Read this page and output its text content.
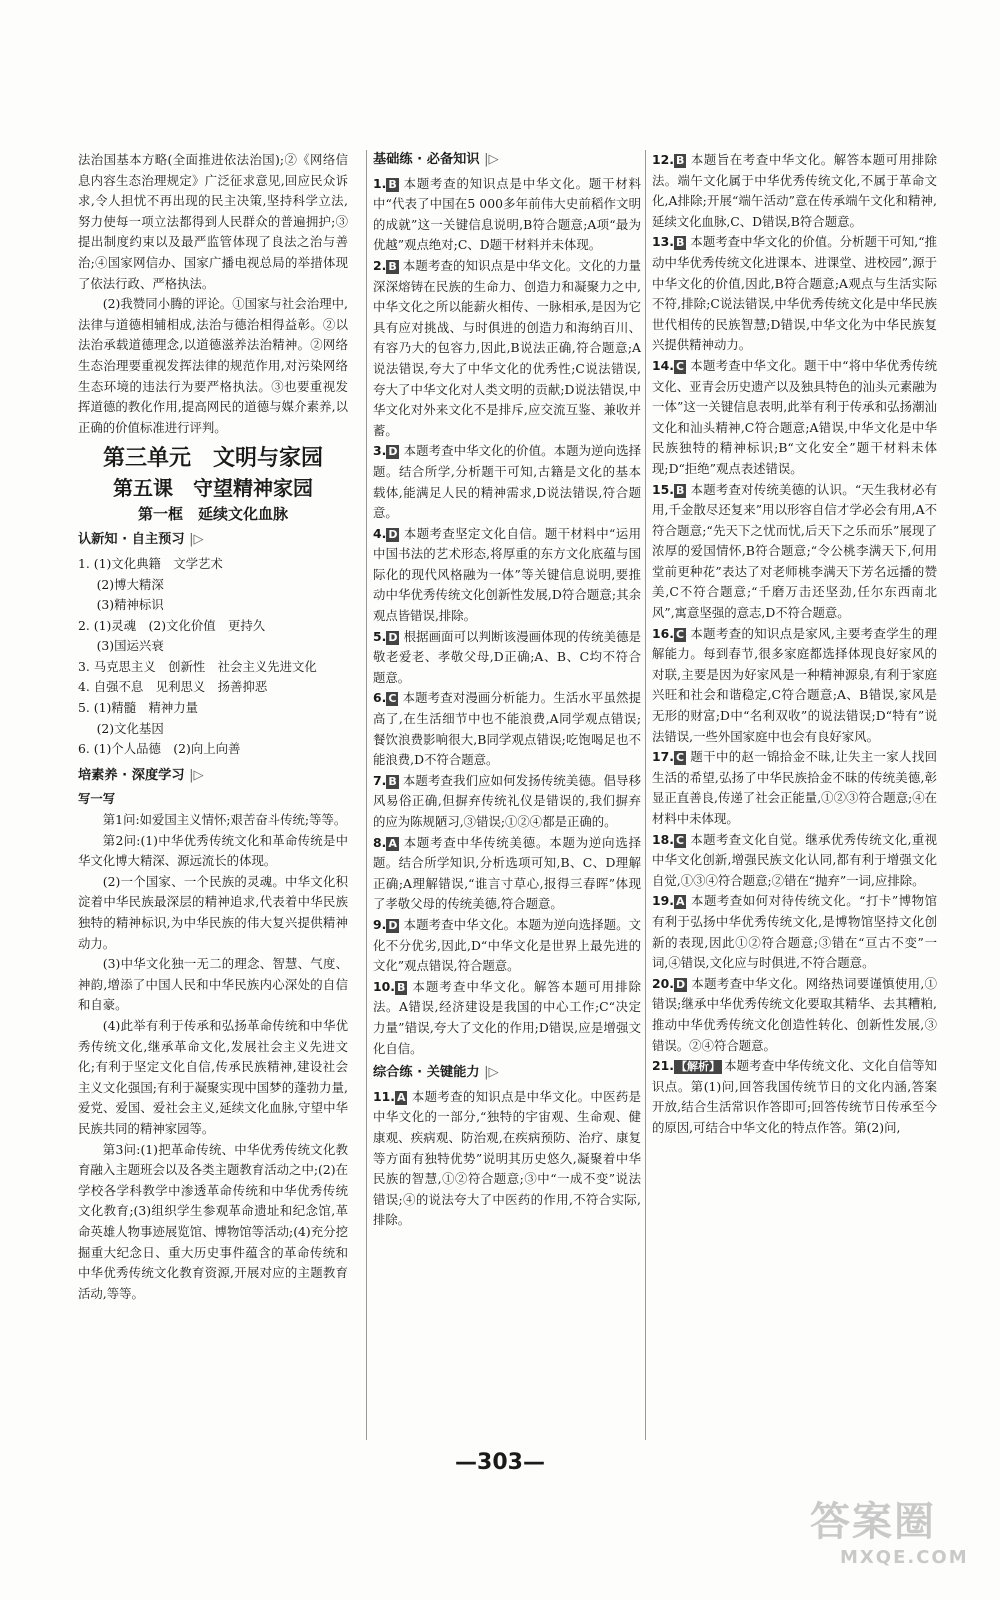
法治国基本方略(全面推进依法治国);②《网络信息内容生态治理规定》广泛征求意见,回应民众诉求,令人担忧不再出现的民主决策,坚持科学立法,努力使每一项立法都得到人民群众的普遍拥护;③提出制度约束以及最严监管体现了良法之治与善治;④国家网信办、国家广播电视总局的举措体现了依法行政、严格执法。

(2)我赞同小腾的评论。①国家与社会治理中,法律与道德相辅相成,法治与德治相得益彰。②以法治承载道德理念,以道德滋养法治精神。②网络生态治理要重视发挥法律的规范作用,对污染网络生态环境的违法行为要严格执法。③也要重视发挥道德的教化作用,提高网民的道德与媒介素养,以正确的价值标准进行评判。

第三单元　文明与家园
第五课　守望精神家园
第一框　延续文化血脉
认新知 · 自主预习 |▷

1. (1)文化典籍　文学艺术

(2)博大精深

(3)精神标识

2. (1)灵魂　(2)文化价值　更持久

(3)国运兴衰

3. 马克思主义　创新性　社会主义先进文化

4. 自强不息　见利思义　扬善抑恶

5. (1)精髓　精神力量

(2)文化基因

6. (1)个人品德　(2)向上向善

培素养 · 深度学习 |▷
写一写

第1问:如爱国主义情怀;艰苦奋斗传统;等等。

第2问:(1)中华优秀传统文化和革命传统是中华文化博大精深、源远流长的体现。

(2)一个国家、一个民族的灵魂。中华文化积淀着中华民族最深层的精神追求,代表着中华民族独特的精神标识,为中华民族的伟大复兴提供精神动力。

(3)中华文化独一无二的理念、智慧、气度、神韵,增添了中国人民和中华民族内心深处的自信和自豪。

(4)此举有利于传承和弘扬革命传统和中华优秀传统文化,继承革命文化,发展社会主义先进文化;有利于坚定文化自信,传承民族精神,建设社会主义文化强国;有利于凝聚实现中国梦的蓬勃力量,爱党、爱国、爱社会主义,延续文化血脉,守望中华民族共同的精神家园等。

第3问:(1)把革命传统、中华优秀传统文化教育融入主题班会以及各类主题教育活动之中;(2)在学校各学科教学中渗透革命传统和中华优秀传统文化教育;(3)组织学生参观革命遗址和纪念馆,革命英雄人物事迹展览馆、博物馆等活动;(4)充分挖掘重大纪念日、重大历史事件蕴含的革命传统和中华优秀传统文化教育资源,开展对应的主题教育活动,等等。

基础练 · 必备知识 |▷

1. B 本题考查的知识点是中华文化。题干材料中“代表了中国在5 000多年前伟大史前稻作文明的成就”这一关键信息说明,B符合题意;A项“最为优越”观点绝对;C、D题干材料并未体现。

2. B 本题考查的知识点是中华文化。文化的力量深深熔铸在民族的生命力、创造力和凝聚力之中,中华文化之所以能薪火相传、一脉相承,是因为它具有应对挑战、与时俱进的创造力和海纳百川、有容乃大的包容力,因此,B说法正确,符合题意;A说法错误,夸大了中华文化的优秀性;C说法错误,夸大了中华文化对人类文明的贡献;D说法错误,中华文化对外来文化不是排斥,应交流互鉴、兼收并蓄。

3. D 本题考查中华文化的价值。本题为逆向选择题。结合所学,分析题干可知,古籍是文化的基本载体,能满足人民的精神需求,D说法错误,符合题意。

4. D 本题考查坚定文化自信。题干材料中“运用中国书法的艺术形态,将厚重的东方文化底蕴与国际化的现代风格融为一体”等关键信息说明,要推动中华优秀传统文化创新性发展,D符合题意;其余观点皆错误,排除。

5. D 根据画面可以判断该漫画体现的传统美德是敬老爱老、孝敬父母,D正确;A、B、C均不符合题意。

6. C 本题考查对漫画分析能力。生活水平虽然提高了,在生活细节中也不能浪费,A同学观点错误;餐饮浪费影响很大,B同学观点错误;吃饱喝足也不能浪费,D不符合题意。

7. B 本题考查我们应如何发扬传统美德。倡导移风易俗正确,但摒弃传统礼仪是错误的,我们摒弃的应为陈规陋习,③错误;①②④都是正确的。

8. A 本题考查中华传统美德。本题为逆向选择题。结合所学知识,分析选项可知,B、C、D理解正确;A理解错误,“谁言寸草心,报得三春晖”体现了孝敬父母的传统美德,符合题意。

9. D 本题考查中华文化。本题为逆向选择题。文化不分优劣,因此,D“中华文化是世界上最先进的文化”观点错误,符合题意。

10. B 本题考查中华文化。解答本题可用排除法。A错误,经济建设是我国的中心工作;C“决定力量”错误,夸大了文化的作用;D错误,应是增强文化自信。

综合练 · 关键能力 |▷

11. A 本题考查的知识点是中华文化。中医药是中华文化的一部分,“独特的宇宙观、生命观、健康观、疾病观、防治观,在疾病预防、治疗、康复等方面有独特优势”说明其历史悠久,凝聚着中华民族的智慧,①②符合题意;③中“一成不变”说法错误;④的说法夸大了中医药的作用,不符合实际,排除。

12. B 本题旨在考查中华文化。解答本题可用排除法。端午文化属于中华优秀传统文化,不属于革命文化,A排除;开展“端午活动”意在传承端午文化和精神,延续文化血脉,C、D错误,B符合题意。

13. B 本题考查中华文化的价值。分析题干可知,“推动中华优秀传统文化进课本、进课堂、进校园”,源于中华文化的价值,因此,B符合题意;A观点与生活实际不符,排除;C说法错误,中华优秀传统文化是中华民族世代相传的民族智慧;D错误,中华文化为中华民族复兴提供精神动力。

14. C 本题考查中华文化。题干中“将中华优秀传统文化、亚青会历史遗产以及独具特色的汕头元素融为一体”这一关键信息表明,此举有利于传承和弘扬潮汕文化和汕头精神,C符合题意;A错误,中华文化是中华民族独特的精神标识;B“文化安全”题干材料未体现;D“拒绝”观点表述错误。

15. B 本题考查对传统美德的认识。“天生我材必有用,千金散尽还复来”用以形容自信才学必会有用,A不符合题意;“先天下之忧而忧,后天下之乐而乐”展现了浓厚的爱国情怀,B符合题意;“令公桃李满天下,何用堂前更种花”表达了对老师桃李满天下芳名远播的赞美,C不符合题意;“千磨万击还坚劲,任尔东西南北风”,寓意坚强的意志,D不符合题意。

16. C 本题考查的知识点是家风,主要考查学生的理解能力。每到春节,很多家庭都选择体现良好家风的对联,主要是因为好家风是一种精神源泉,有利于家庭兴旺和社会和谐稳定,C符合题意;A、B错误,家风是无形的财富;D中“名利双收”的说法错误;D“特有”说法错误,一些外国家庭中也会有良好家风。

17. C 题干中的赵一锦拾金不昧,让失主一家人找回生活的希望,弘扬了中华民族拾金不昧的传统美德,彰显正直善良,传递了社会正能量,①②③符合题意;④在材料中未体现。

18. C 本题考查文化自觉。继承优秀传统文化,重视中华文化创新,增强民族文化认同,都有利于增强文化自觉,①③④符合题意;②错在“抛弃”一词,应排除。

19. A 本题考查如何对待传统文化。“打卡”博物馆有利于弘扬中华优秀传统文化,是博物馆坚持文化创新的表现,因此①②符合题意;③错在“亘古不变”一词,④错误,文化应与时俱进,不符合题意。

20. D 本题考查中华文化。网络热词要谨慎使用,①错误;继承中华优秀传统文化要取其精华、去其糟粕,推动中华优秀传统文化创造性转化、创新性发展,③错误。②④符合题意。

21. 【解析】 本题考查中华传统文化、文化自信等知识点。第(1)问,回答我国传统节日的文化内涵,答案开放,结合生活常识作答即可;回答传统节日传承至今的原因,可结合中华文化的特点作答。第(2)问,

—303—
答案圈
MXQE.COM
